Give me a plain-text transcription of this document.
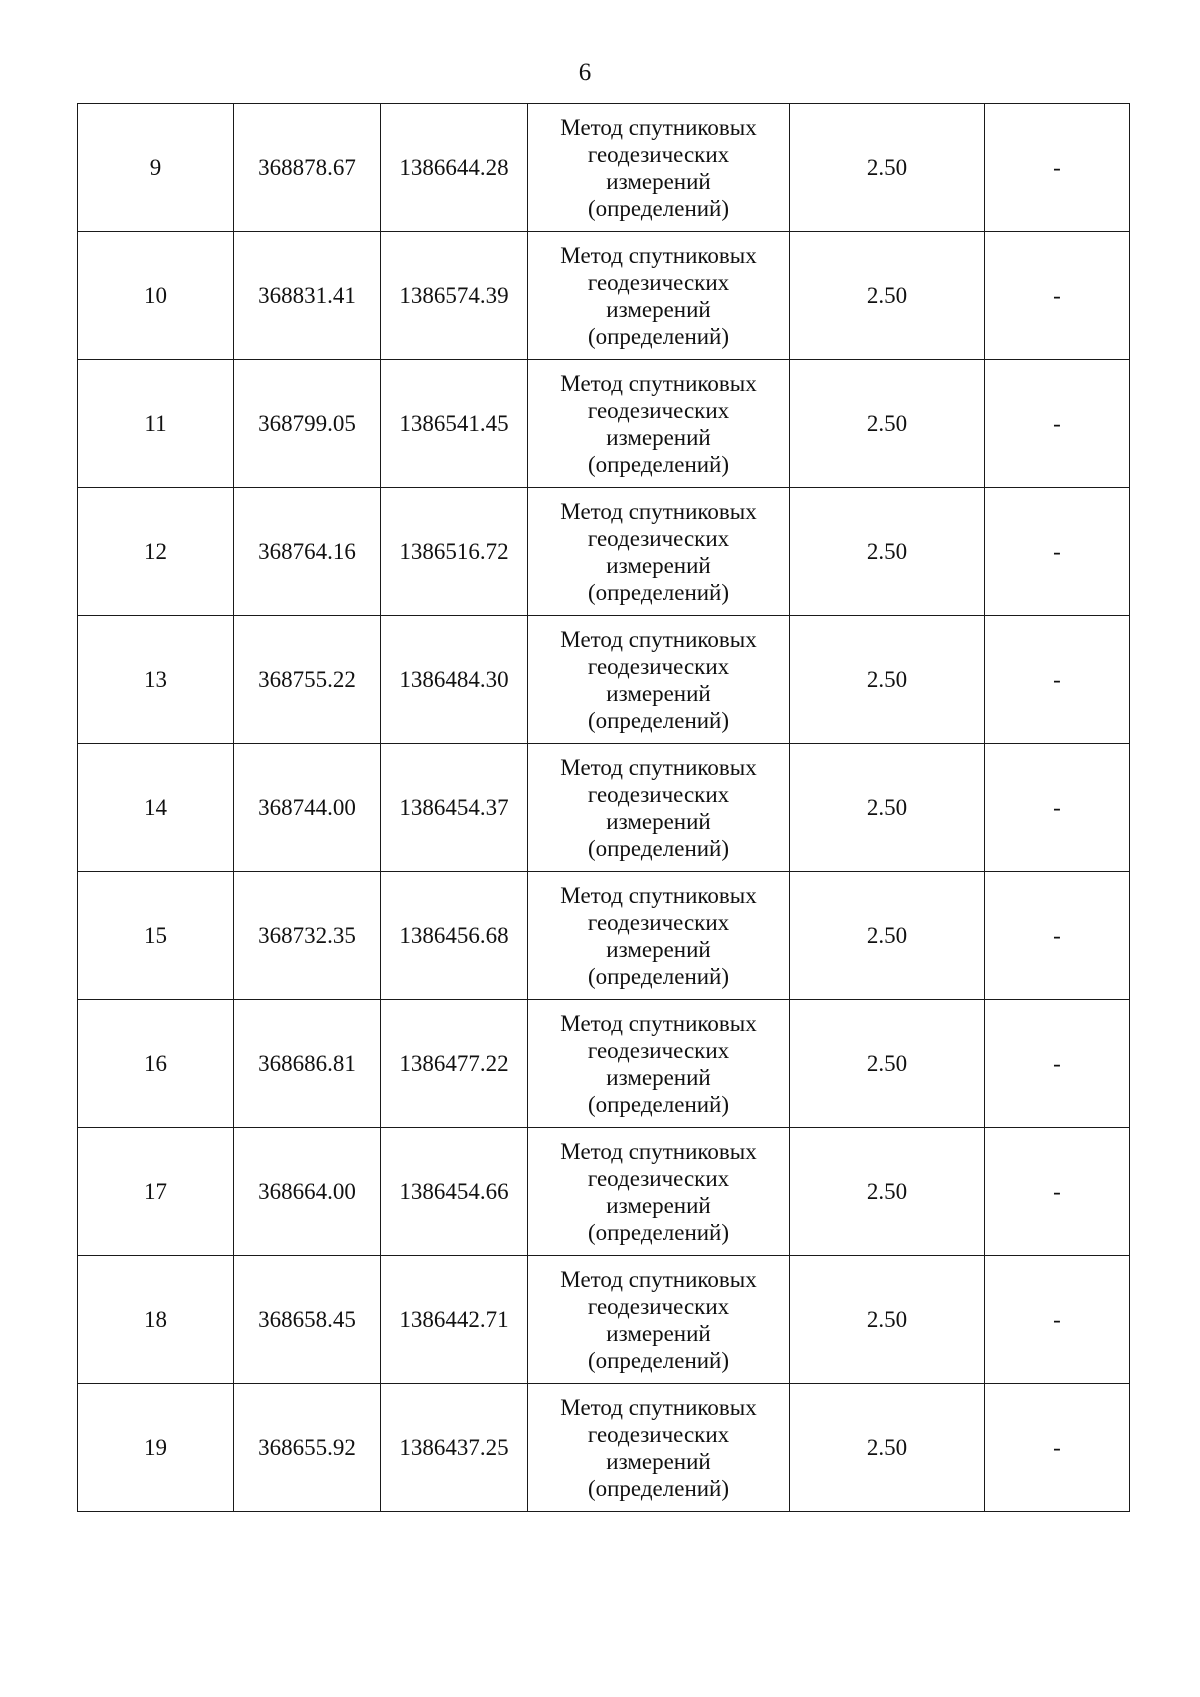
6
9	368878.67	1386644.28	Метод спутниковых
геодезических
измерений
(определений)	2.50	-
10	368831.41	1386574.39	Метод спутниковых
геодезических
измерений
(определений)	2.50	-
11	368799.05	1386541.45	Метод спутниковых
геодезических
измерений
(определений)	2.50	-
12	368764.16	1386516.72	Метод спутниковых
геодезических
измерений
(определений)	2.50	-
13	368755.22	1386484.30	Метод спутниковых
геодезических
измерений
(определений)	2.50	-
14	368744.00	1386454.37	Метод спутниковых
геодезических
измерений
(определений)	2.50	-
15	368732.35	1386456.68	Метод спутниковых
геодезических
измерений
(определений)	2.50	-
16	368686.81	1386477.22	Метод спутниковых
геодезических
измерений
(определений)	2.50	-
17	368664.00	1386454.66	Метод спутниковых
геодезических
измерений
(определений)	2.50	-
18	368658.45	1386442.71	Метод спутниковых
геодезических
измерений
(определений)	2.50	-
19	368655.92	1386437.25	Метод спутниковых
геодезических
измерений
(определений)	2.50	-
